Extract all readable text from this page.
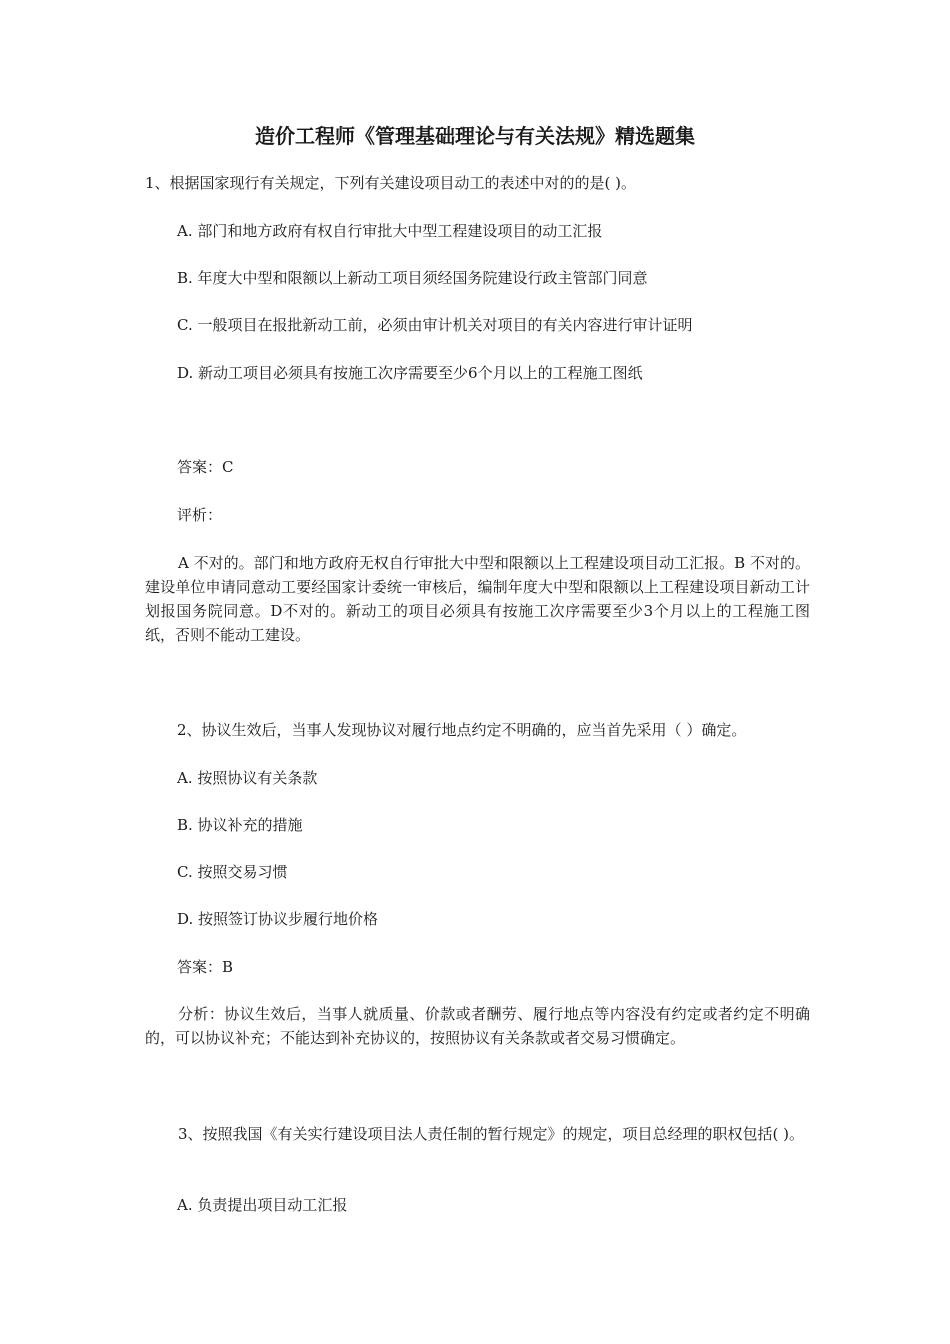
造价工程师《管理基础理论与有关法规》精选题集
1、根据国家现行有关规定，下列有关建设项目动工的表述中对的的是( )。
A. 部门和地方政府有权自行审批大中型工程建设项目的动工汇报
B. 年度大中型和限额以上新动工项目须经国务院建设行政主管部门同意
C. 一般项目在报批新动工前，必须由审计机关对项目的有关内容进行审计证明
D. 新动工项目必须具有按施工次序需要至少6个月以上的工程施工图纸
答案：C
评析：
A 不对的。部门和地方政府无权自行审批大中型和限额以上工程建设项目动工汇报。B 不对的。建设单位申请同意动工要经国家计委统一审核后，编制年度大中型和限额以上工程建设项目新动工计划报国务院同意。D不对的。新动工的项目必须具有按施工次序需要至少3个月以上的工程施工图纸，否则不能动工建设。
2、协议生效后，当事人发现协议对履行地点约定不明确的，应当首先采用（ ）确定。
A. 按照协议有关条款
B. 协议补充的措施
C. 按照交易习惯
D. 按照签订协议步履行地价格
答案：B
分析：协议生效后，当事人就质量、价款或者酬劳、履行地点等内容没有约定或者约定不明确的，可以协议补充；不能达到补充协议的，按照协议有关条款或者交易习惯确定。
3、按照我国《有关实行建设项目法人责任制的暂行规定》的规定，项目总经理的职权包括( )。
A. 负责提出项目动工汇报
